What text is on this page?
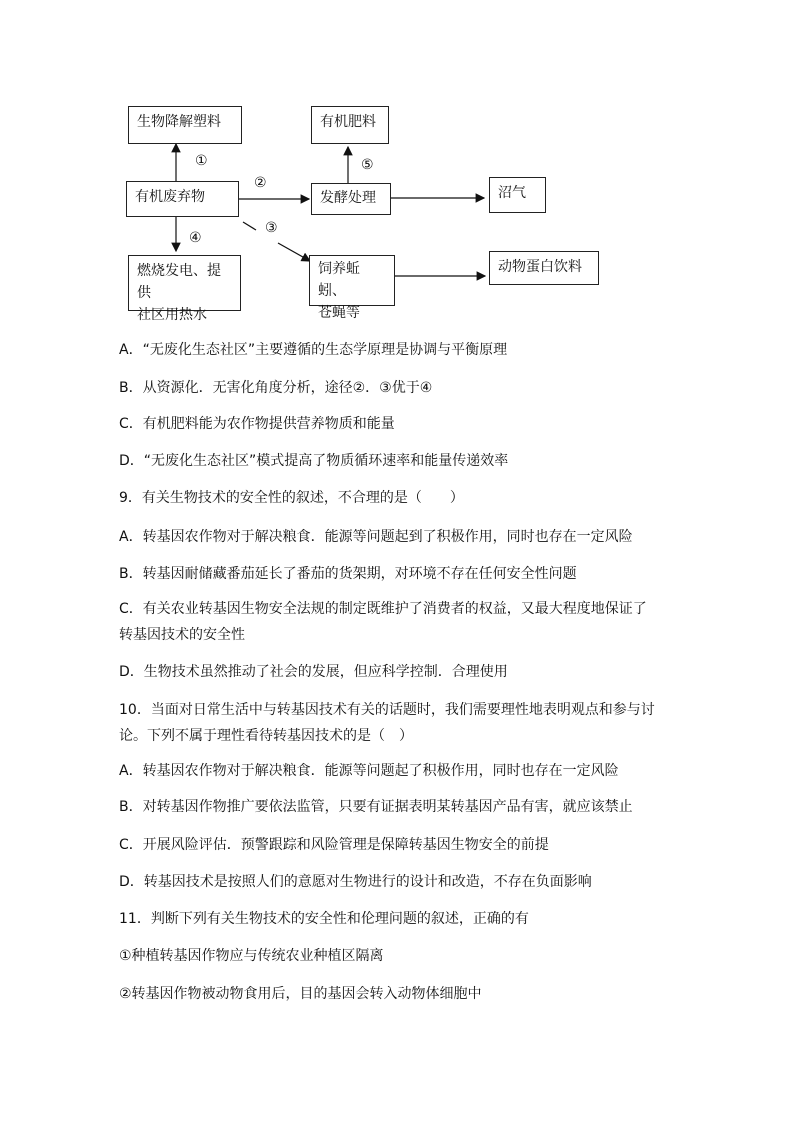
生物降解塑料	有机肥料
有机废弃物	发酵处理	沼气
燃烧发电、提供
社区用热水
饲养蚯蚓、
苍蝇等
动物蛋白饮料
①
②
③
④
⑤
A．“无废化生态社区”主要遵循的生态学原理是协调与平衡原理
B．从资源化．无害化角度分析，途径②．③优于④
C．有机肥料能为农作物提供营养物质和能量
D．“无废化生态社区”模式提高了物质循环速率和能量传递效率
9．有关生物技术的安全性的叙述，不合理的是（　　）
A．转基因农作物对于解决粮食．能源等问题起到了积极作用，同时也存在一定风险
B．转基因耐储藏番茄延长了番茄的货架期，对环境不存在任何安全性问题
C．有关农业转基因生物安全法规的制定既维护了消费者的权益，又最大程度地保证了转基因技术的安全性
D．生物技术虽然推动了社会的发展，但应科学控制．合理使用
10．当面对日常生活中与转基因技术有关的话题时，我们需要理性地表明观点和参与讨论。下列不属于理性看待转基因技术的是（　）
A．转基因农作物对于解决粮食．能源等问题起了积极作用，同时也存在一定风险
B．对转基因作物推广要依法监管，只要有证据表明某转基因产品有害，就应该禁止
C．开展风险评估．预警跟踪和风险管理是保障转基因生物安全的前提
D．转基因技术是按照人们的意愿对生物进行的设计和改造，不存在负面影响
11．判断下列有关生物技术的安全性和伦理问题的叙述，正确的有
①种植转基因作物应与传统农业种植区隔离
②转基因作物被动物食用后，目的基因会转入动物体细胞中
